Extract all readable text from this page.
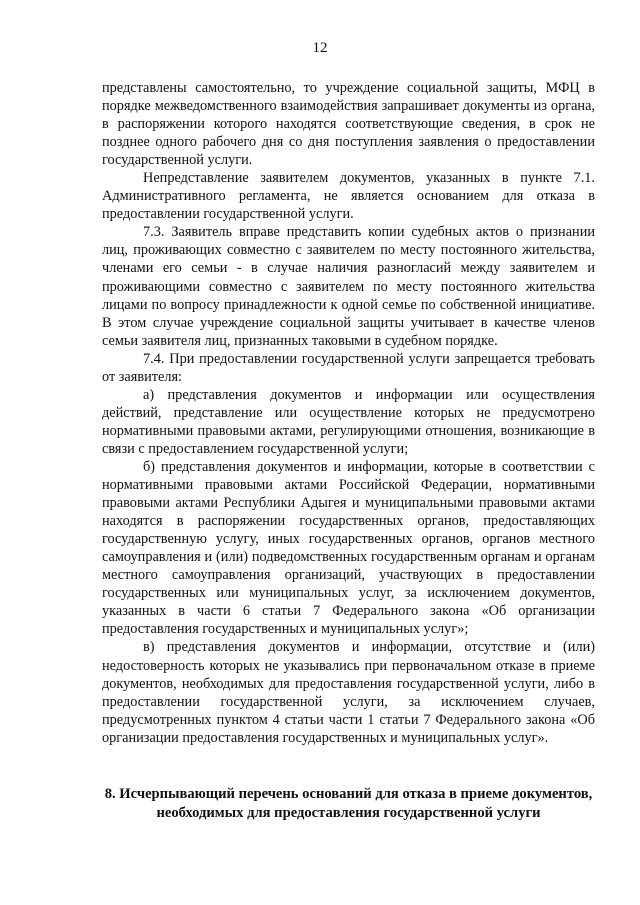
12

представлены самостоятельно, то учреждение социальной защиты, МФЦ в порядке межведомственного взаимодействия запрашивает документы из органа, в распоряжении которого находятся соответствующие сведения, в срок не позднее одного рабочего дня со дня поступления заявления о предоставлении государственной услуги.

Непредставление заявителем документов, указанных в пункте 7.1. Административного регламента, не является основанием для отказа в предоставлении государственной услуги.

7.3. Заявитель вправе представить копии судебных актов о признании лиц, проживающих совместно с заявителем по месту постоянного жительства, членами его семьи - в случае наличия разногласий между заявителем и проживающими совместно с заявителем по месту постоянного жительства лицами по вопросу принадлежности к одной семье по собственной инициативе. В этом случае учреждение социальной защиты учитывает в качестве членов семьи заявителя лиц, признанных таковыми в судебном порядке.

7.4. При предоставлении государственной услуги запрещается требовать от заявителя:

а) представления документов и информации или осуществления действий, представление или осуществление которых не предусмотрено нормативными правовыми актами, регулирующими отношения, возникающие в связи с предоставлением государственной услуги;

б) представления документов и информации, которые в соответствии с нормативными правовыми актами Российской Федерации, нормативными правовыми актами Республики Адыгея и муниципальными правовыми актами находятся в распоряжении государственных органов, предоставляющих государственную услугу, иных государственных органов, органов местного самоуправления и (или) подведомственных государственным органам и органам местного самоуправления организаций, участвующих в предоставлении государственных или муниципальных услуг, за исключением документов, указанных в части 6 статьи 7 Федерального закона «Об организации предоставления государственных и муниципальных услуг»;

в) представления документов и информации, отсутствие и (или) недостоверность которых не указывались при первоначальном отказе в приеме документов, необходимых для предоставления государственной услуги, либо в предоставлении государственной услуги, за исключением случаев, предусмотренных пунктом 4 статьи части 1 статьи 7 Федерального закона «Об организации предоставления государственных и муниципальных услуг».

8. Исчерпывающий перечень оснований для отказа в приеме документов, необходимых для предоставления государственной услуги
